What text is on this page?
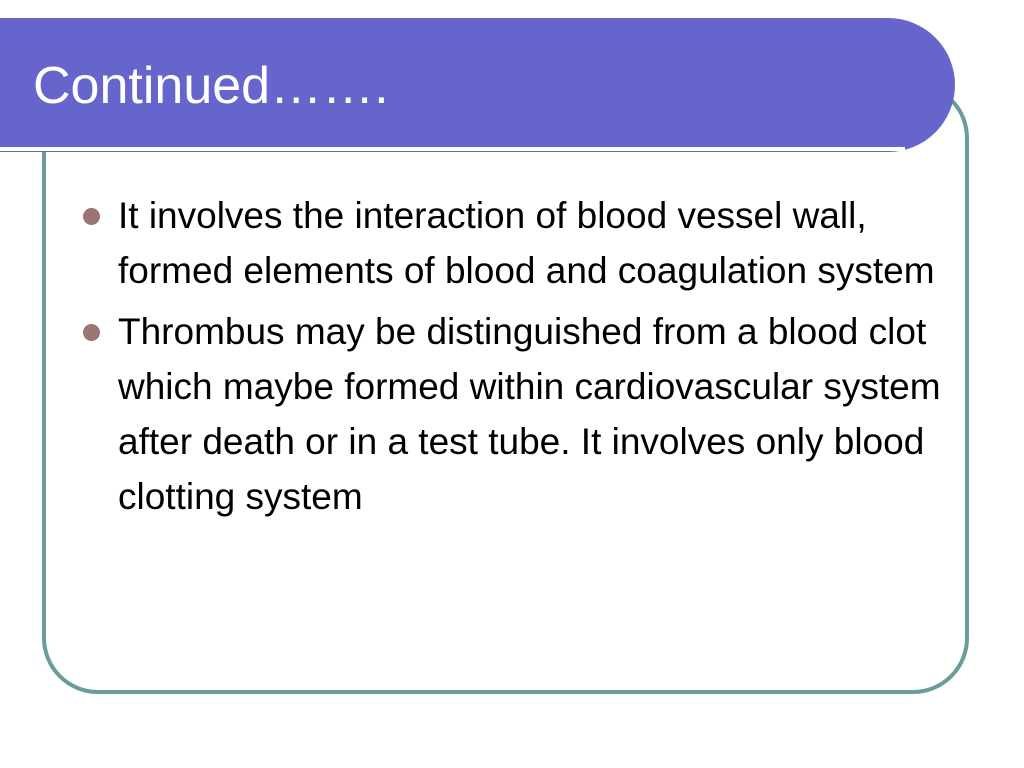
Continued…….
It involves the interaction of blood vessel wall, formed elements of blood and coagulation system
Thrombus may be distinguished from a blood clot which maybe formed within cardiovascular system after death or in a test tube. It involves only blood clotting system
